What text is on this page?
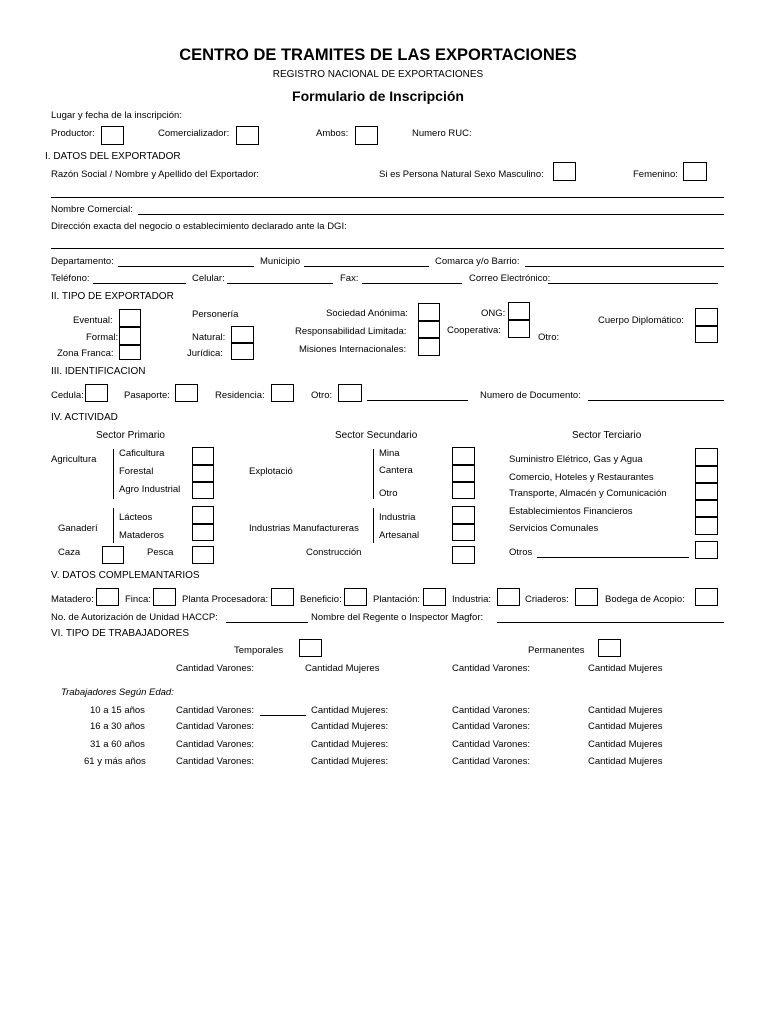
CENTRO DE TRAMITES DE LAS EXPORTACIONES
REGISTRO NACIONAL DE EXPORTACIONES
Formulario de Inscripción
Lugar y fecha de la inscripción:
Productor:	Comercializador:	Ambos:	Numero RUC:
I. DATOS DEL EXPORTADOR
Razón Social / Nombre y Apellido del Exportador:	Si es Persona Natural Sexo Masculino:	Femenino:
Nombre Comercial:
Dirección exacta del negocio o establecimiento declarado ante la DGI:
Departamento:	Municipio	Comarca y/o Barrio:
Teléfono:	Celular:	Fax:	Correo Electrónico:
II. TIPO DE EXPORTADOR
Eventual:
Formal:
Zona Franca:
Personería
Natural:
Jurídica:
Sociedad Anónima:
Responsabilidad Limitada:
Misiones Internacionales:
ONG:
Cooperativa:
Otro:
Cuerpo Diplomático:
III. IDENTIFICACION
Cedula:	Pasaporte:	Residencia:	Otro:	Numero de Documento:
IV. ACTIVIDAD
Sector Primario	Sector Secundario	Sector Terciario
Agricultura
Caficultura
Forestal
Agro Industrial
Ganaderí
Lácteos
Mataderos
Caza	Pesca
Explotació
Mina
Cantera
Otro
Industrias Manufactureras
Industria
Artesanal
Construcción
Suministro Elétrico, Gas y Agua
Comercio, Hoteles y Restaurantes
Transporte, Almacén y Comunicación
Establecimientos Financieros
Servicios Comunales
Otros
V. DATOS COMPLEMANTARIOS
Matadero:	Finca:	Planta Procesadora:	Beneficio:	Plantación:	Industria:	Criaderos:	Bodega de Acopio:
No. de Autorización de Unidad HACCP:	Nombre del Regente o Inspector Magfor:
VI. TIPO DE TRABAJADORES
Temporales	Permanentes
Cantidad Varones:	Cantidad Mujeres	Cantidad Varones:	Cantidad Mujeres
Trabajadores Según Edad:
10 a 15 años	Cantidad Varones:	Cantidad Mujeres:	Cantidad Varones:	Cantidad Mujeres
16 a 30 años	Cantidad Varones:	Cantidad Mujeres:	Cantidad Varones:	Cantidad Mujeres
31 a 60 años	Cantidad Varones:	Cantidad Mujeres:	Cantidad Varones:	Cantidad Mujeres
61 y más años	Cantidad Varones:	Cantidad Mujeres:	Cantidad Varones:	Cantidad Mujeres
